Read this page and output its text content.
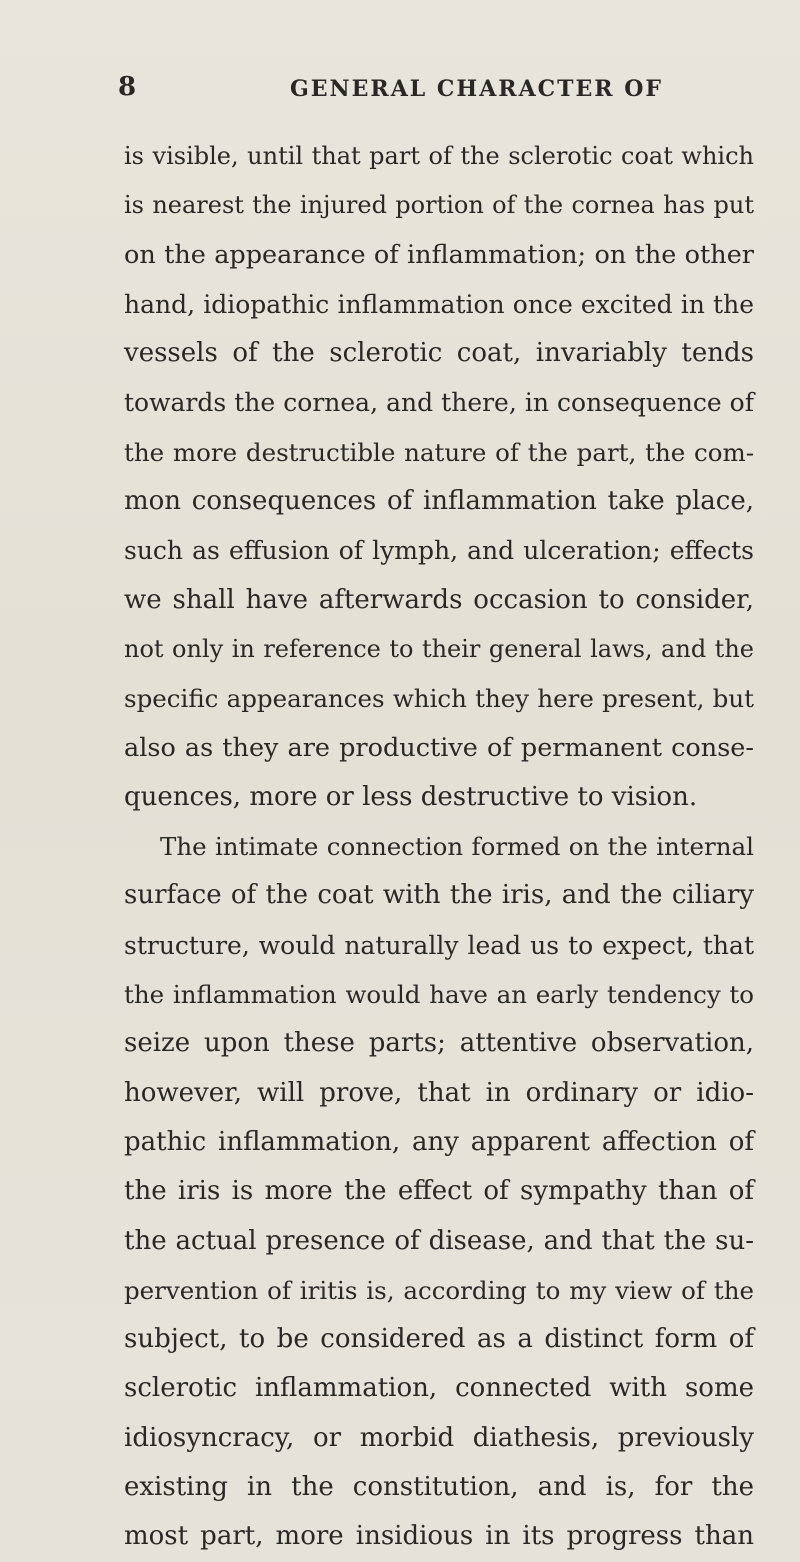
8	GENERAL CHARACTER OF
is visible, until that part of the sclerotic coat which
is nearest the injured portion of the cornea has put
on the appearance of inflammation; on the other
hand, idiopathic inflammation once excited in the
vessels of the sclerotic coat, invariably tends
towards the cornea, and there, in consequence of
the more destructible nature of the part, the com-
mon consequences of inflammation take place,
such as effusion of lymph, and ulceration; effects
we shall have afterwards occasion to consider,
not only in reference to their general laws, and the
specific appearances which they here present, but
also as they are productive of permanent conse-
quences, more or less destructive to vision.
The intimate connection formed on the internal
surface of the coat with the iris, and the ciliary
structure, would naturally lead us to expect, that
the inflammation would have an early tendency to
seize upon these parts; attentive observation,
however, will prove, that in ordinary or idio-
pathic inflammation, any apparent affection of
the iris is more the effect of sympathy than of
the actual presence of disease, and that the su-
pervention of iritis is, according to my view of the
subject, to be considered as a distinct form of
sclerotic inflammation, connected with some
idiosyncracy, or morbid diathesis, previously
existing in the constitution, and is, for the
most part, more insidious in its progress than
